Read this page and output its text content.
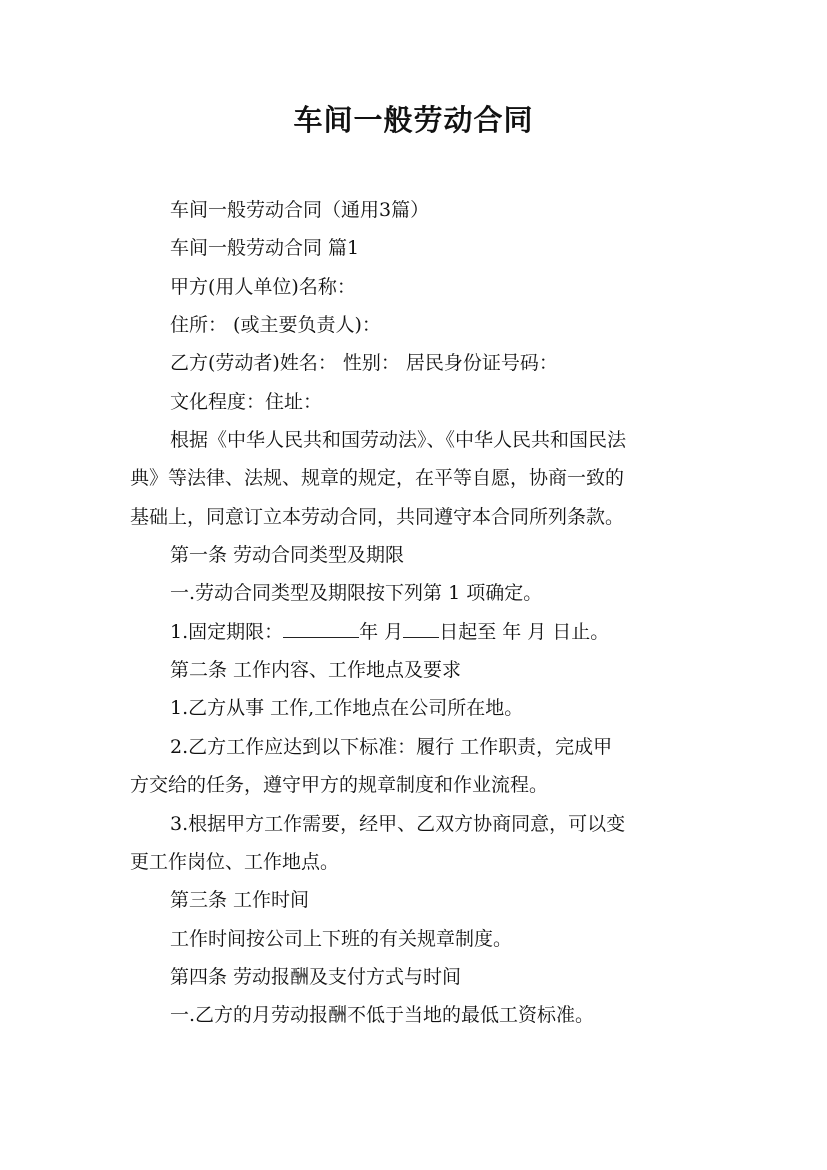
车间一般劳动合同
车间一般劳动合同（通用3篇）
车间一般劳动合同 篇1
甲方(用人单位)名称：
住所： (或主要负责人)：
乙方(劳动者)姓名： 性别： 居民身份证号码：
文化程度：住址：
根据《中华人民共和国劳动法》、《中华人民共和国民法
典》等法律、法规、规章的规定，在平等自愿，协商一致的
基础上，同意订立本劳动合同，共同遵守本合同所列条款。
第一条 劳动合同类型及期限
一.劳动合同类型及期限按下列第 1 项确定。
1.固定期限：	年 月 日起至 年 月 日止。
第二条 工作内容、工作地点及要求
1.乙方从事 工作,工作地点在公司所在地。
2.乙方工作应达到以下标准：履行 工作职责，完成甲
方交给的任务，遵守甲方的规章制度和作业流程。
3.根据甲方工作需要，经甲、乙双方协商同意，可以变
更工作岗位、工作地点。
第三条 工作时间
工作时间按公司上下班的有关规章制度。
第四条 劳动报酬及支付方式与时间
一.乙方的月劳动报酬不低于当地的最低工资标准。
